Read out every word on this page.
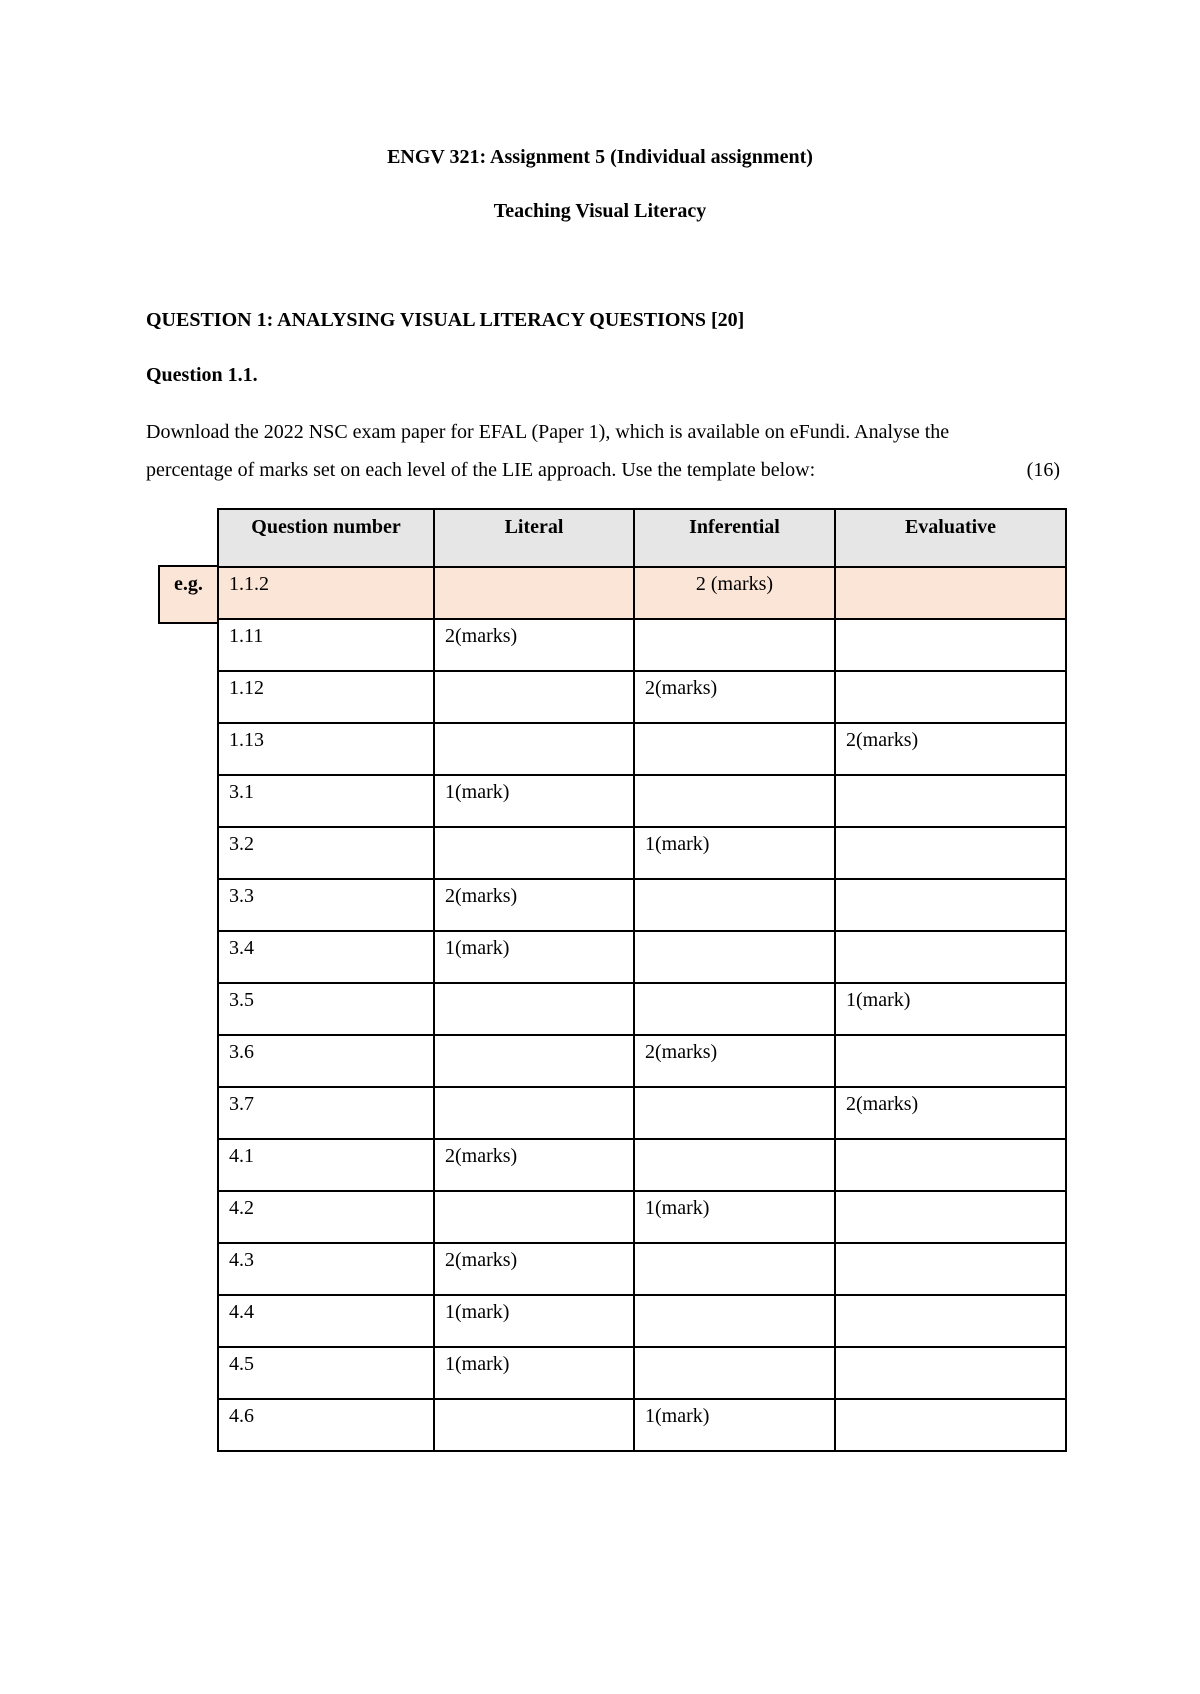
ENGV 321: Assignment 5 (Individual assignment)
Teaching Visual Literacy
QUESTION 1: ANALYSING VISUAL LITERACY QUESTIONS [20]
Question 1.1.
Download the 2022 NSC exam paper for EFAL (Paper 1), which is available on eFundi. Analyse the
percentage of marks set on each level of the LIE approach. Use the template below:	(16)
e.g.
Question number	Literal	Inferential	Evaluative
1.1.2		2 (marks)	
1.11	2(marks)		
1.12		2(marks)	
1.13			2(marks)
3.1	1(mark)		
3.2		1(mark)	
3.3	2(marks)		
3.4	1(mark)		
3.5			1(mark)
3.6		2(marks)	
3.7			2(marks)
4.1	2(marks)		
4.2		1(mark)	
4.3	2(marks)		
4.4	1(mark)		
4.5	1(mark)		
4.6		1(mark)	
